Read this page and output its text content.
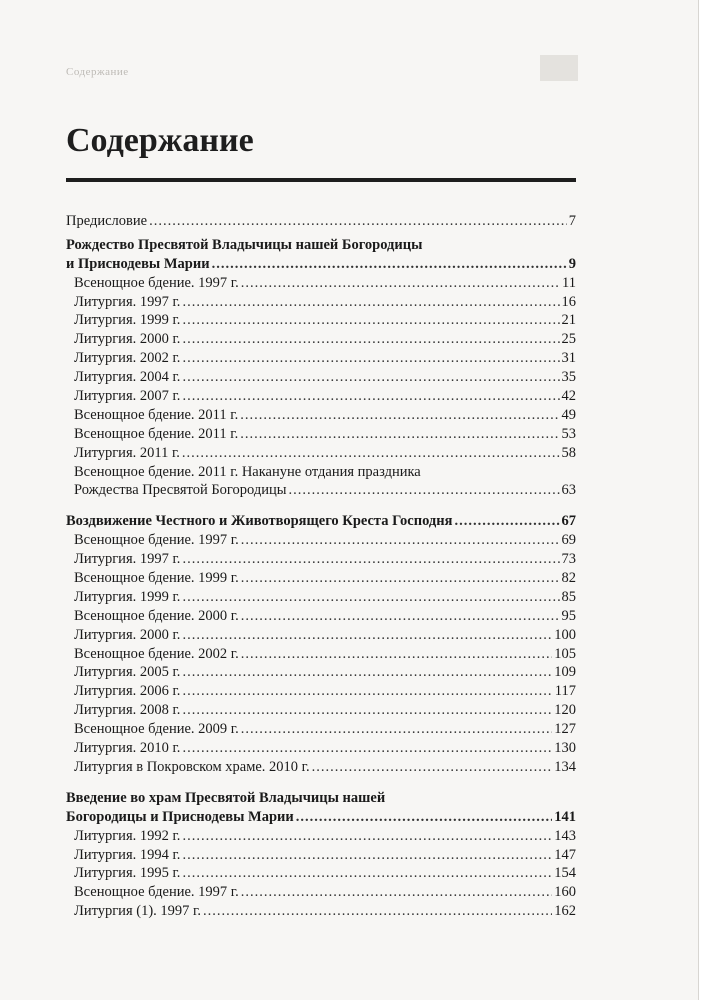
Содержание
Содержание
Предисловие .....	7
Рождество Пресвятой Владычицы нашей Богородицы
и Приснодевы Марии .....	9
Всенощное бдение. 1997 г. .....	11
Литургия. 1997 г. .....	16
Литургия. 1999 г. .....	21
Литургия. 2000 г. .....	25
Литургия. 2002 г. .....	31
Литургия. 2004 г. .....	35
Литургия. 2007 г. .....	42
Всенощное бдение. 2011 г. .....	49
Всенощное бдение. 2011 г. .....	53
Литургия. 2011 г. .....	58
Всенощное бдение. 2011 г. Накануне отдания праздника
Рождества Пресвятой Богородицы .....	63
Воздвижение Честного и Животворящего Креста Господня .....	67
Всенощное бдение. 1997 г. .....	69
Литургия. 1997 г. .....	73
Всенощное бдение. 1999 г. .....	82
Литургия. 1999 г. .....	85
Всенощное бдение. 2000 г. .....	95
Литургия. 2000 г. .....	100
Всенощное бдение. 2002 г. .....	105
Литургия. 2005 г. .....	109
Литургия. 2006 г. .....	117
Литургия. 2008 г. .....	120
Всенощное бдение. 2009 г. .....	127
Литургия. 2010 г. .....	130
Литургия в Покровском храме. 2010 г. .....	134
Введение во храм Пресвятой Владычицы нашей
Богородицы и Приснодевы Марии .....	141
Литургия. 1992 г. .....	143
Литургия. 1994 г. .....	147
Литургия. 1995 г. .....	154
Всенощное бдение. 1997 г. .....	160
Литургия (1). 1997 г. .....	162
